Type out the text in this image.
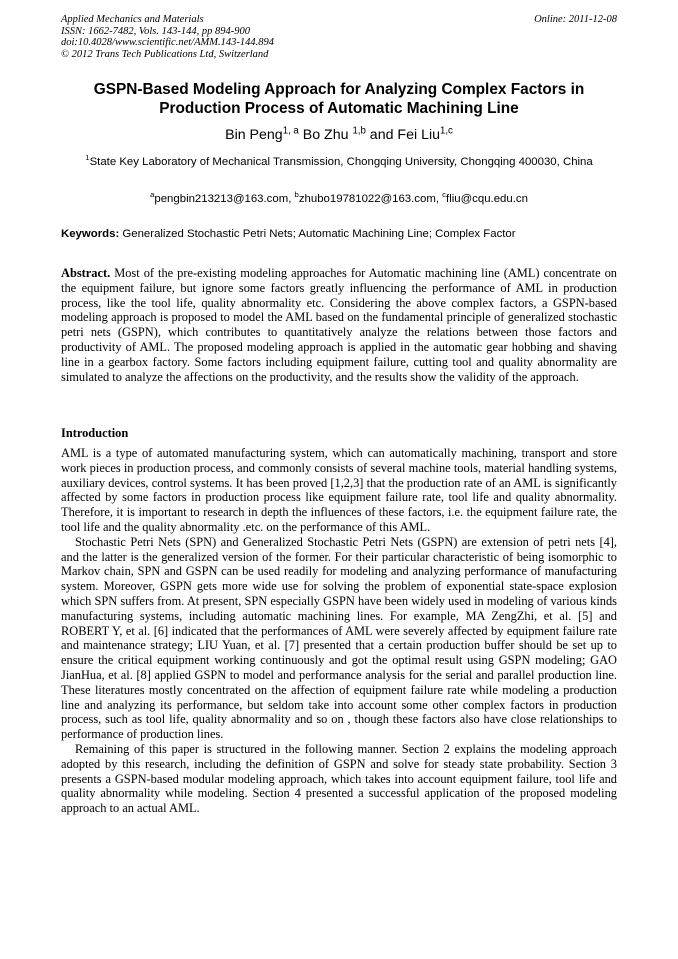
Applied Mechanics and Materials
ISSN: 1662-7482, Vols. 143-144, pp 894-900
doi:10.4028/www.scientific.net/AMM.143-144.894
© 2012 Trans Tech Publications Ltd, Switzerland
Online: 2011-12-08
GSPN-Based Modeling Approach for Analyzing Complex Factors in
Production Process of Automatic Machining Line
Bin Peng$^{1, a}$ Bo Zhu $^{1,b}$ and Fei Liu$^{1,c}$
$^1$State Key Laboratory of Mechanical Transmission, Chongqing University, Chongqing 400030, China
$^a$pengbin213213@163.com, $^b$zhubo19781022@163.com, $^c$fliu@cqu.edu.cn
Keywords: Generalized Stochastic Petri Nets; Automatic Machining Line; Complex Factor
Abstract. Most of the pre-existing modeling approaches for Automatic machining line (AML) concentrate on the equipment failure, but ignore some factors greatly influencing the performance of AML in production process, like the tool life, quality abnormality etc. Considering the above complex factors, a GSPN-based modeling approach is proposed to model the AML based on the fundamental principle of generalized stochastic petri nets (GSPN), which contributes to quantitatively analyze the relations between those factors and productivity of AML. The proposed modeling approach is applied in the automatic gear hobbing and shaving line in a gearbox factory. Some factors including equipment failure, cutting tool and quality abnormality are simulated to analyze the affections on the productivity, and the results show the validity of the approach.
Introduction

AML is a type of automated manufacturing system, which can automatically machining, transport and store work pieces in production process, and commonly consists of several machine tools, material handling systems, auxiliary devices, control systems. It has been proved [1,2,3] that the production rate of an AML is significantly affected by some factors in production process like equipment failure rate, tool life and quality abnormality. Therefore, it is important to research in depth the influences of these factors, i.e. the equipment failure rate, the tool life and the quality abnormality .etc. on the performance of this AML.

Stochastic Petri Nets (SPN) and Generalized Stochastic Petri Nets (GSPN) are extension of petri nets [4], and the latter is the generalized version of the former. For their particular characteristic of being isomorphic to Markov chain, SPN and GSPN can be used readily for modeling and analyzing performance of manufacturing system. Moreover, GSPN gets more wide use for solving the problem of exponential state-space explosion which SPN suffers from. At present, SPN especially GSPN have been widely used in modeling of various kinds manufacturing systems, including automatic machining lines. For example, MA ZengZhi, et al. [5] and ROBERT Y, et al. [6] indicated that the performances of AML were severely affected by equipment failure rate and maintenance strategy; LIU Yuan, et al. [7] presented that a certain production buffer should be set up to ensure the critical equipment working continuously and got the optimal result using GSPN modeling; GAO JianHua, et al. [8] applied GSPN to model and performance analysis for the serial and parallel production line. These literatures mostly concentrated on the affection of equipment failure rate while modeling a production line and analyzing its performance, but seldom take into account some other complex factors in production process, such as tool life, quality abnormality and so on , though these factors also have close relationships to performance of production lines.

Remaining of this paper is structured in the following manner. Section 2 explains the modeling approach adopted by this research, including the definition of GSPN and solve for steady state probability. Section 3 presents a GSPN-based modular modeling approach, which takes into account equipment failure, tool life and quality abnormality while modeling. Section 4 presented a successful application of the proposed modeling approach to an actual AML.
